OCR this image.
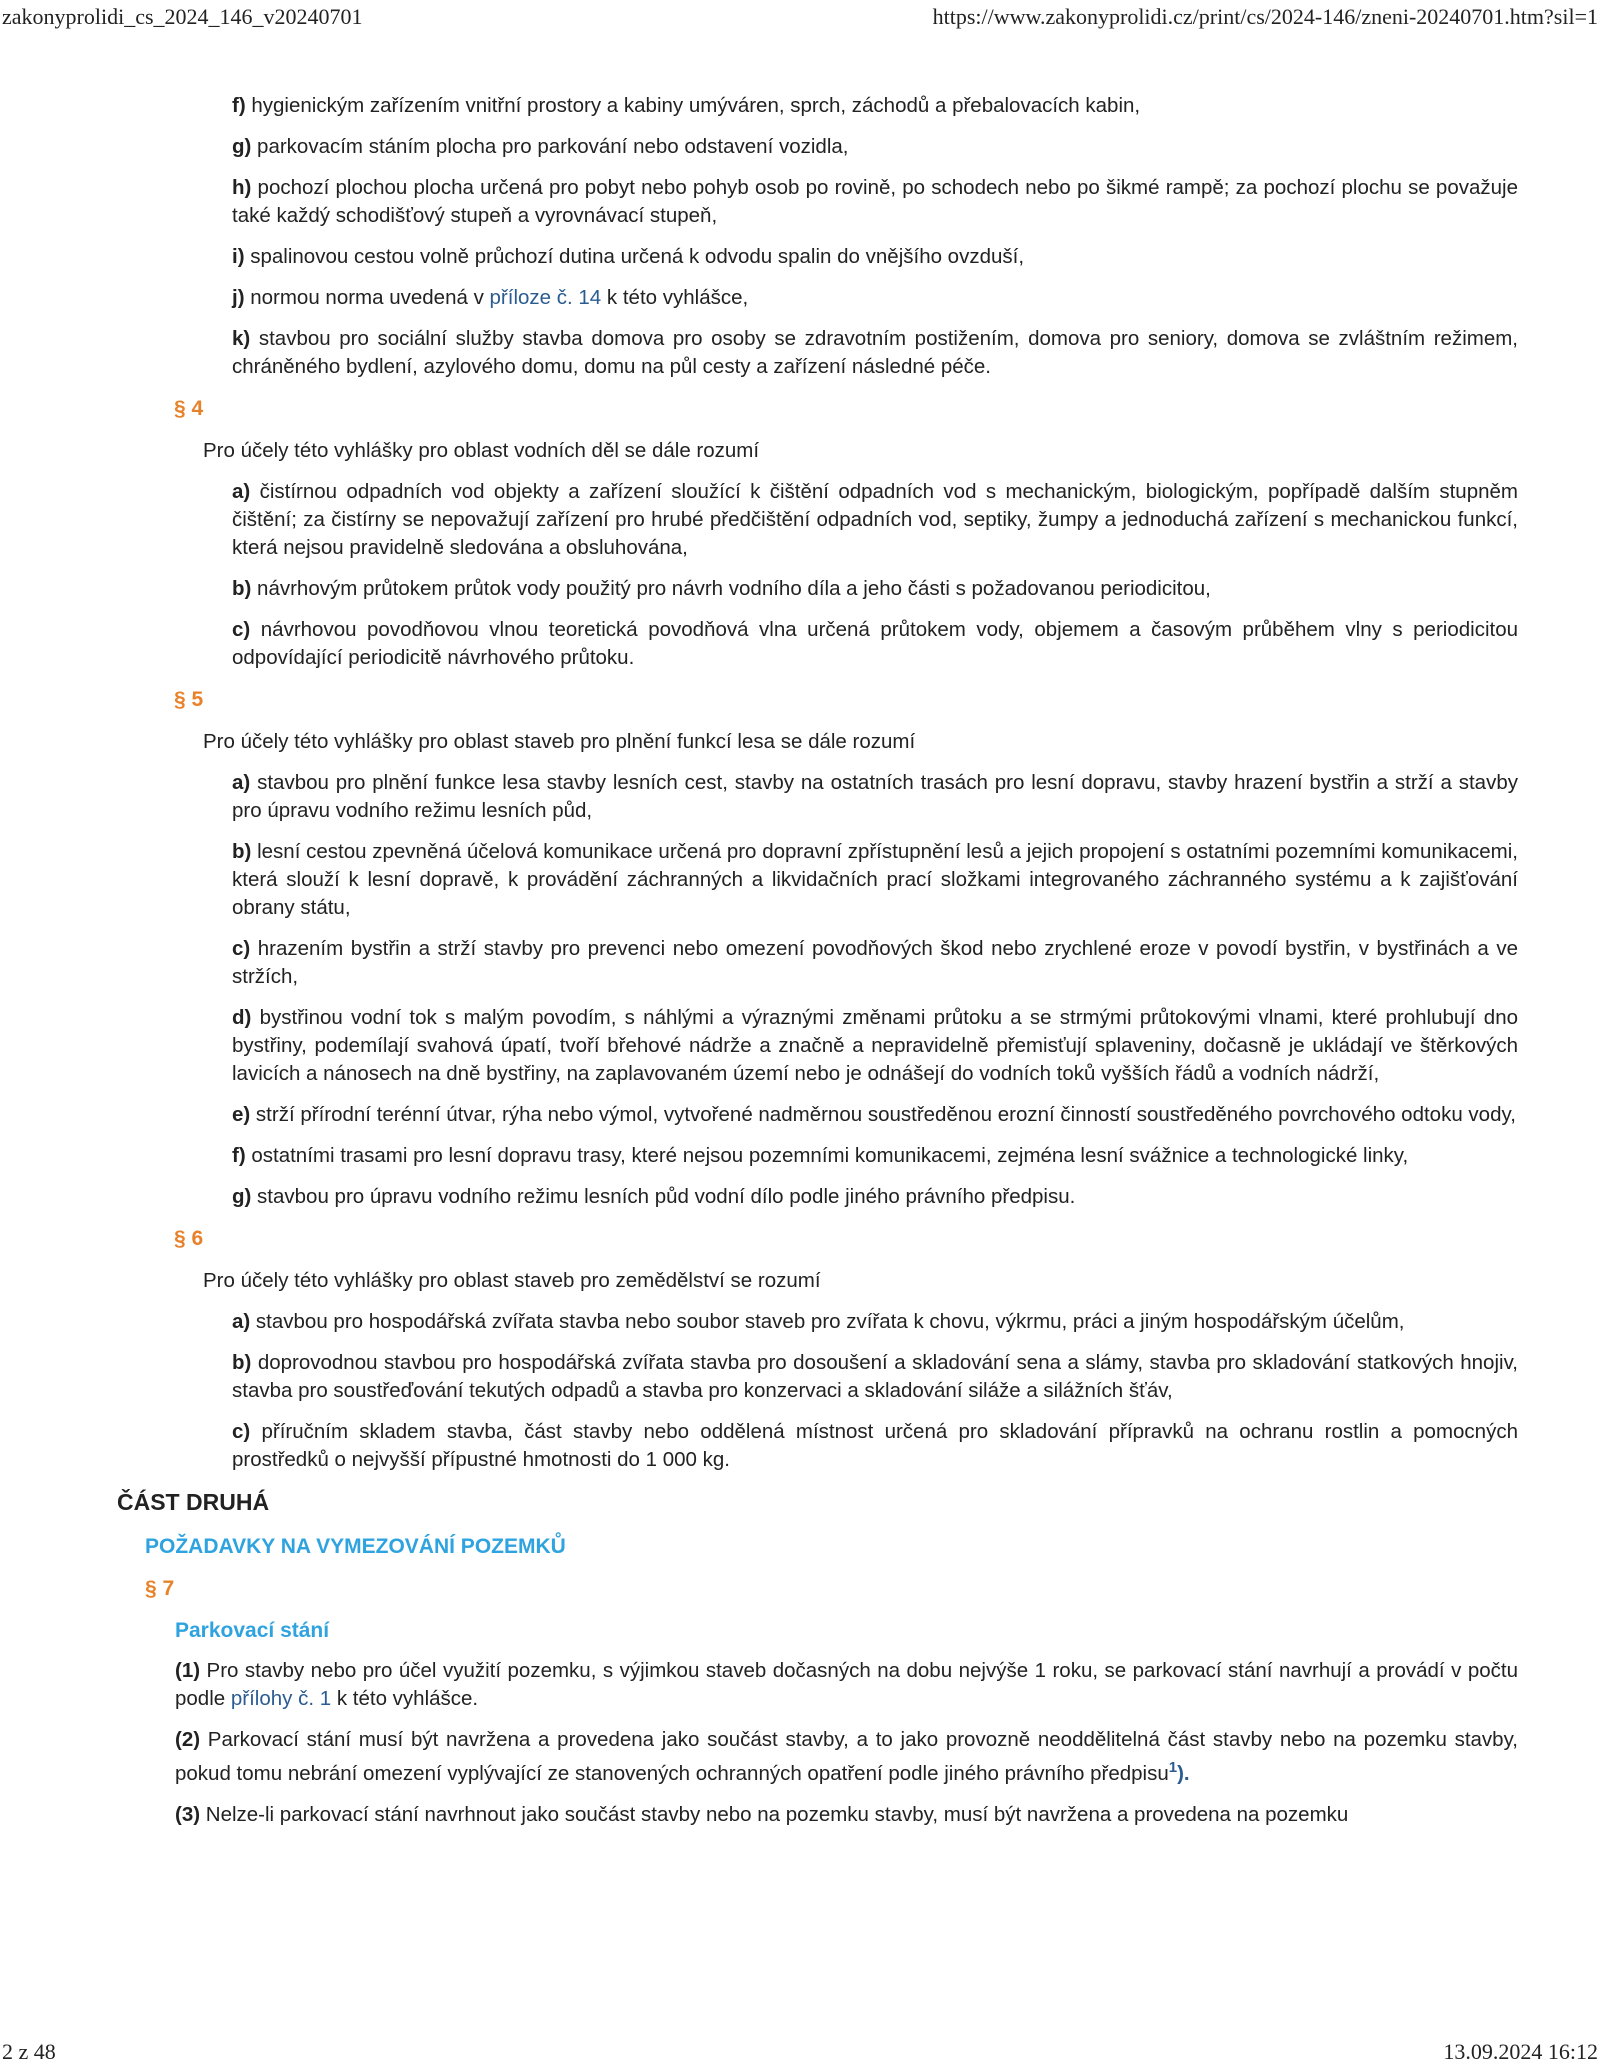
zakonyprolidi_cs_2024_146_v20240701	https://www.zakonyprolidi.cz/print/cs/2024-146/zneni-20240701.htm?sil=1
f) hygienickým zařízením vnitřní prostory a kabiny umýváren, sprch, záchodů a přebalovacích kabin,
g) parkovacím stáním plocha pro parkování nebo odstavení vozidla,
h) pochozí plochou plocha určená pro pobyt nebo pohyb osob po rovině, po schodech nebo po šikmé rampě; za pochozí plochu se považuje také každý schodišťový stupeň a vyrovnávací stupeň,
i) spalinovou cestou volně průchozí dutina určená k odvodu spalin do vnějšího ovzduší,
j) normou norma uvedená v příloze č. 14 k této vyhlášce,
k) stavbou pro sociální služby stavba domova pro osoby se zdravotním postižením, domova pro seniory, domova se zvláštním režimem, chráněného bydlení, azylového domu, domu na půl cesty a zařízení následné péče.
§ 4
Pro účely této vyhlášky pro oblast vodních děl se dále rozumí
a) čistírnou odpadních vod objekty a zařízení sloužící k čištění odpadních vod s mechanickým, biologickým, popřípadě dalším stupněm čištění; za čistírny se nepovažují zařízení pro hrubé předčištění odpadních vod, septiky, žumpy a jednoduchá zařízení s mechanickou funkcí, která nejsou pravidelně sledována a obsluhována,
b) návrhovým průtokem průtok vody použitý pro návrh vodního díla a jeho části s požadovanou periodicitou,
c) návrhovou povodňovou vlnou teoretická povodňová vlna určená průtokem vody, objemem a časovým průběhem vlny s periodicitou odpovídající periodicitě návrhového průtoku.
§ 5
Pro účely této vyhlášky pro oblast staveb pro plnění funkcí lesa se dále rozumí
a) stavbou pro plnění funkce lesa stavby lesních cest, stavby na ostatních trasách pro lesní dopravu, stavby hrazení bystřin a strží a stavby pro úpravu vodního režimu lesních půd,
b) lesní cestou zpevněná účelová komunikace určená pro dopravní zpřístupnění lesů a jejich propojení s ostatními pozemními komunikacemi, která slouží k lesní dopravě, k provádění záchranných a likvidačních prací složkami integrovaného záchranného systému a k zajišťování obrany státu,
c) hrazením bystřin a strží stavby pro prevenci nebo omezení povodňových škod nebo zrychlené eroze v povodí bystřin, v bystřinách a ve stržích,
d) bystřinou vodní tok s malým povodím, s náhlými a výraznými změnami průtoku a se strmými průtokovými vlnami, které prohlubují dno bystřiny, podemílají svahová úpatí, tvoří břehové nádrže a značně a nepravidelně přemisťují splaveniny, dočasně je ukládají ve štěrkových lavicích a nánosech na dně bystřiny, na zaplavovaném území nebo je odnášejí do vodních toků vyšších řádů a vodních nádrží,
e) strží přírodní terénní útvar, rýha nebo výmol, vytvořené nadměrnou soustředěnou erozní činností soustředěného povrchového odtoku vody,
f) ostatními trasami pro lesní dopravu trasy, které nejsou pozemními komunikacemi, zejména lesní svážnice a technologické linky,
g) stavbou pro úpravu vodního režimu lesních půd vodní dílo podle jiného právního předpisu.
§ 6
Pro účely této vyhlášky pro oblast staveb pro zemědělství se rozumí
a) stavbou pro hospodářská zvířata stavba nebo soubor staveb pro zvířata k chovu, výkrmu, práci a jiným hospodářským účelům,
b) doprovodnou stavbou pro hospodářská zvířata stavba pro dosoušení a skladování sena a slámy, stavba pro skladování statkových hnojiv, stavba pro soustřeďování tekutých odpadů a stavba pro konzervaci a skladování siláže a silážních šťáv,
c) příručním skladem stavba, část stavby nebo oddělená místnost určená pro skladování přípravků na ochranu rostlin a pomocných prostředků o nejvyšší přípustné hmotnosti do 1 000 kg.
ČÁST DRUHÁ
POŽADAVKY NA VYMEZOVÁNÍ POZEMKŮ
§ 7
Parkovací stání
(1) Pro stavby nebo pro účel využití pozemku, s výjimkou staveb dočasných na dobu nejvýše 1 roku, se parkovací stání navrhují a provádí v počtu podle přílohy č. 1 k této vyhlášce.
(2) Parkovací stání musí být navržena a provedena jako součást stavby, a to jako provozně neoddělitelná část stavby nebo na pozemku stavby, pokud tomu nebrání omezení vyplývající ze stanovených ochranných opatření podle jiného právního předpisu$^1$).
(3) Nelze-li parkovací stání navrhnout jako součást stavby nebo na pozemku stavby, musí být navržena a provedena na pozemku
2 z 48	13.09.2024 16:12
